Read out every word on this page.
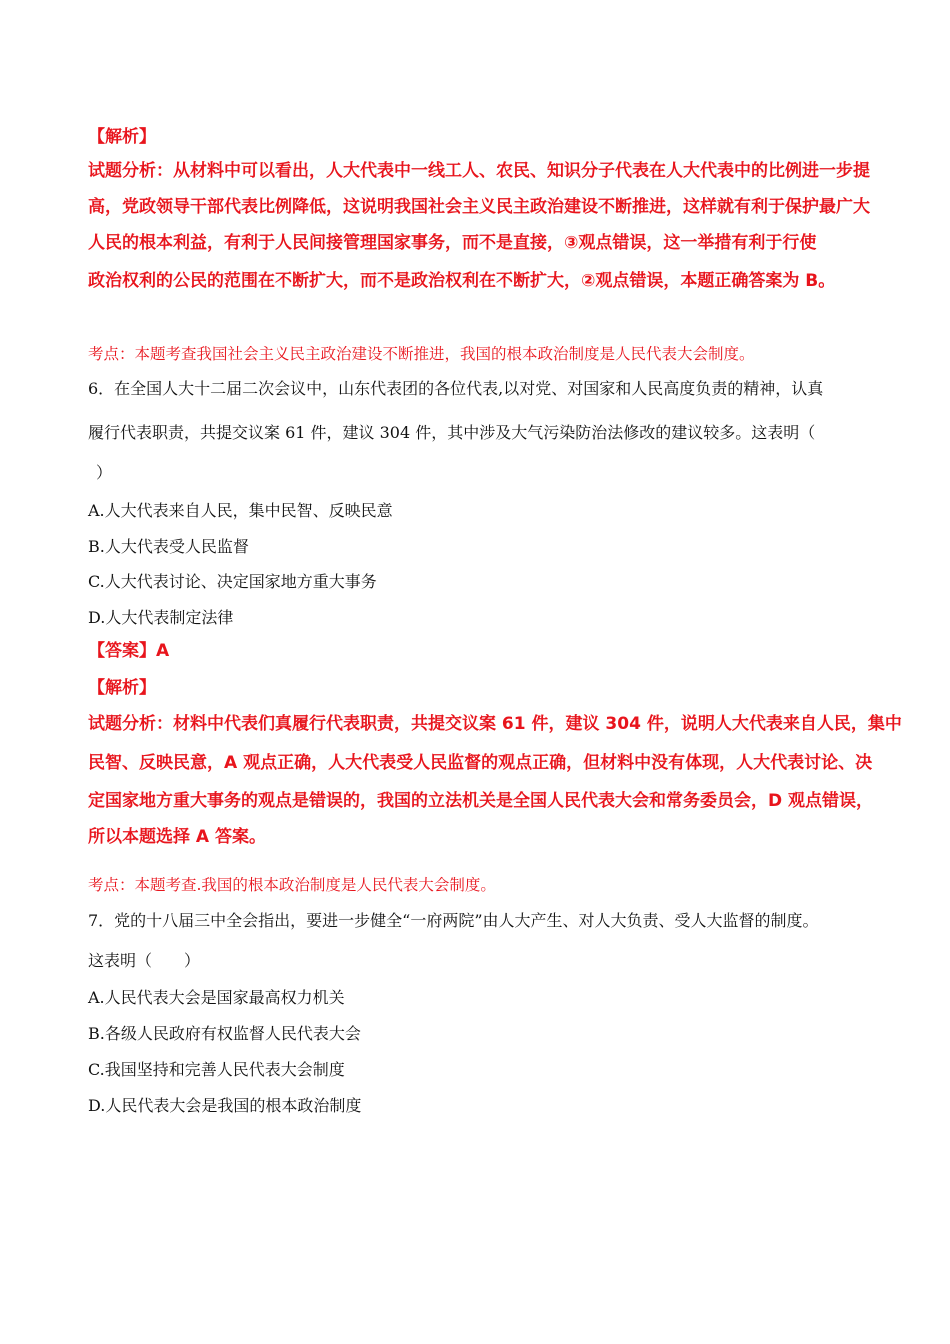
【解析】
试题分析：从材料中可以看出，人大代表中一线工人、农民、知识分子代表在人大代表中的比例进一步提
高，党政领导干部代表比例降低，这说明我国社会主义民主政治建设不断推进，这样就有利于保护最广大
人民的根本利益，有利于人民间接管理国家事务，而不是直接，③观点错误，这一举措有利于行使
政治权利的公民的范围在不断扩大，而不是政治权利在不断扩大，②观点错误，本题正确答案为 B。
考点：本题考查我国社会主义民主政治建设不断推进，我国的根本政治制度是人民代表大会制度。
6．在全国人大十二届二次会议中，山东代表团的各位代表,以对党、对国家和人民高度负责的精神，认真
履行代表职责，共提交议案 61 件，建议 304 件，其中涉及大气污染防治法修改的建议较多。这表明（
）
A.人大代表来自人民，集中民智、反映民意
B.人大代表受人民监督
C.人大代表讨论、决定国家地方重大事务
D.人大代表制定法律
【答案】A
【解析】
试题分析：材料中代表们真履行代表职责，共提交议案 61 件，建议 304 件，说明人大代表来自人民，集中
民智、反映民意，A 观点正确，人大代表受人民监督的观点正确，但材料中没有体现，人大代表讨论、决
定国家地方重大事务的观点是错误的，我国的立法机关是全国人民代表大会和常务委员会，D 观点错误，
所以本题选择 A 答案。
考点：本题考查.我国的根本政治制度是人民代表大会制度。
7．党的十八届三中全会指出，要进一步健全“一府两院”由人大产生、对人大负责、受人大监督的制度。
这表明（　　）
A.人民代表大会是国家最高权力机关
B.各级人民政府有权监督人民代表大会
C.我国坚持和完善人民代表大会制度
D.人民代表大会是我国的根本政治制度
